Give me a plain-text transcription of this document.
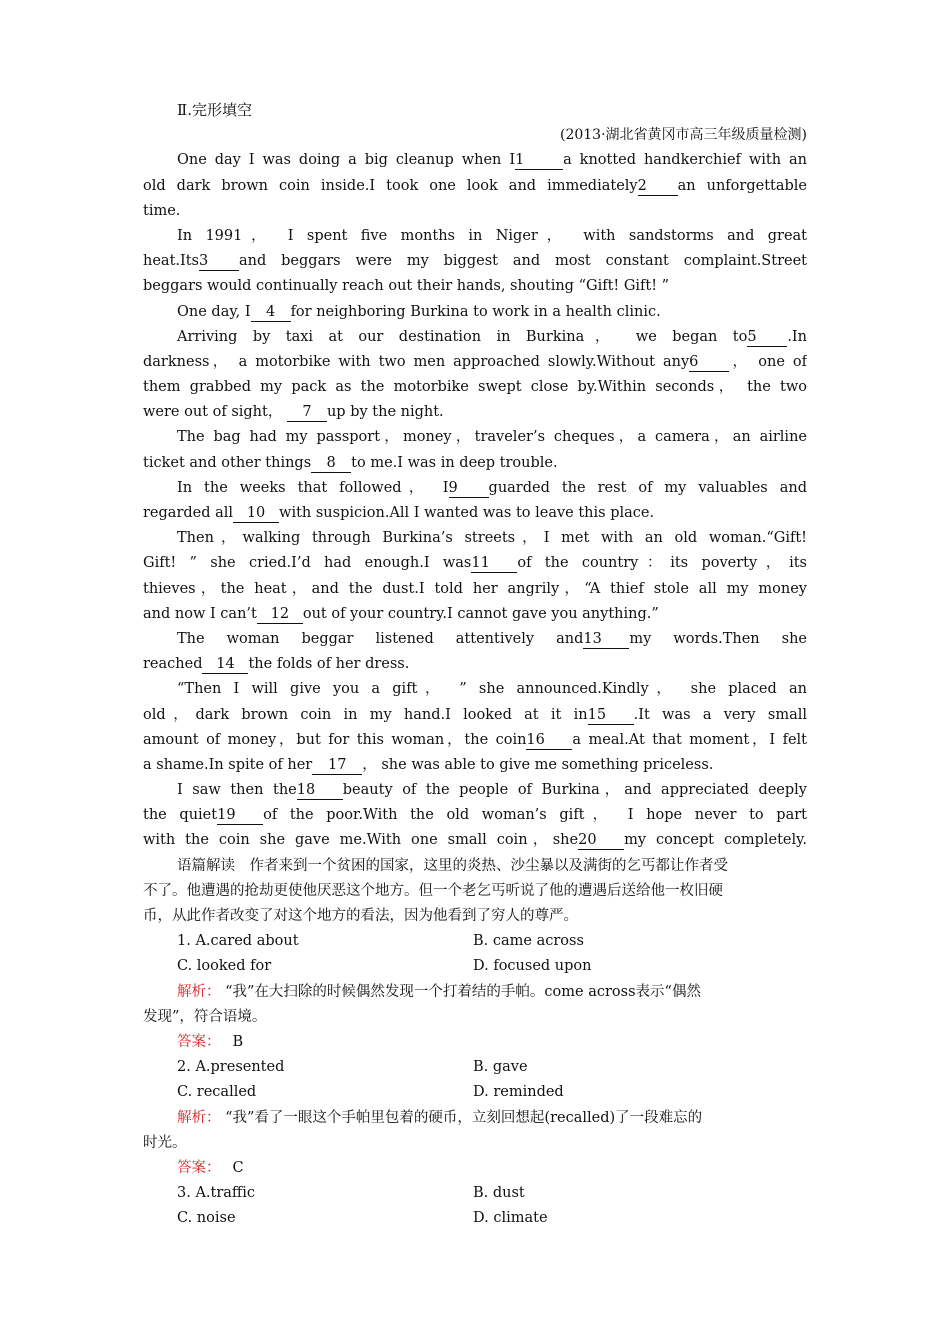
Ⅱ.完形填空
(2013·湖北省黄冈市高三年级质量检测)
One day I was doing a big cleanup when I1	a knotted handkerchief with an
old dark brown coin inside.I took one look and immediately2 an unforgettable
time.
In 1991， I spent five months in Niger， with sandstorms and great
heat.Its3 and beggars were my biggest and most constant complaint.Street
beggars would continually reach out their hands, shouting “Gift! Gift! ”
One day, I 4 for neighboring Burkina to work in a health clinic.
Arriving by taxi at our destination in Burkina， we began to5 .In
darkness， a motorbike with two men approached slowly.Without any6 ， one of
them grabbed my pack as the motorbike swept close by.Within seconds， the two
were out of sight， 7 up by the night.
The bag had my passport，money，traveler’s cheques，a camera，an airline
ticket and other things 8 to me.I was in deep trouble.
In the weeks that followed， I9 guarded the rest of my valuables and
regarded all 10 with suspicion.All I wanted was to leave this place.
Then，walking through Burkina’s streets，I met with an old woman.“Gift!
Gift! ” she cried.I’d had enough.I was11 of the country：its poverty，its
thieves，the heat，and the dust.I told her angrily，“A thief stole all my money
and now I can’t 12 out of your country.I cannot gave you anything.”
The woman beggar listened attentively and13 my words.Then she
reached 14 the folds of her dress.
“Then I will give you a gift， ” she announced.Kindly， she placed an
old，dark brown coin in my hand.I looked at it in15 .It was a very small
amount of money，but for this woman，the coin16 a meal.At that moment，I felt
a shame.In spite of her 17 ， she was able to give me something priceless.
I saw then the18 beauty of the people of Burkina，and appreciated deeply
the quiet19 of the poor.With the old woman’s gift， I hope never to part
with the coin she gave me.With one small coin，she20 my concept completely.
语篇解读　作者来到一个贫困的国家，这里的炎热、沙尘暴以及满街的乞丐都让作者受
不了。他遭遇的抢劫更使他厌恶这个地方。但一个老乞丐听说了他的遭遇后送给他一枚旧硬
币，从此作者改变了对这个地方的看法，因为他看到了穷人的尊严。
1. A.cared about	B. came across
C. looked for	D. focused upon
解析： “我”在大扫除的时候偶然发现一个打着结的手帕。come across表示“偶然
发现”，符合语境。
答案： B
2. A.presented	B. gave
C. recalled	D. reminded
解析： “我”看了一眼这个手帕里包着的硬币，立刻回想起(recalled)了一段难忘的
时光。
答案： C
3. A.traffic	B. dust
C. noise	D. climate
